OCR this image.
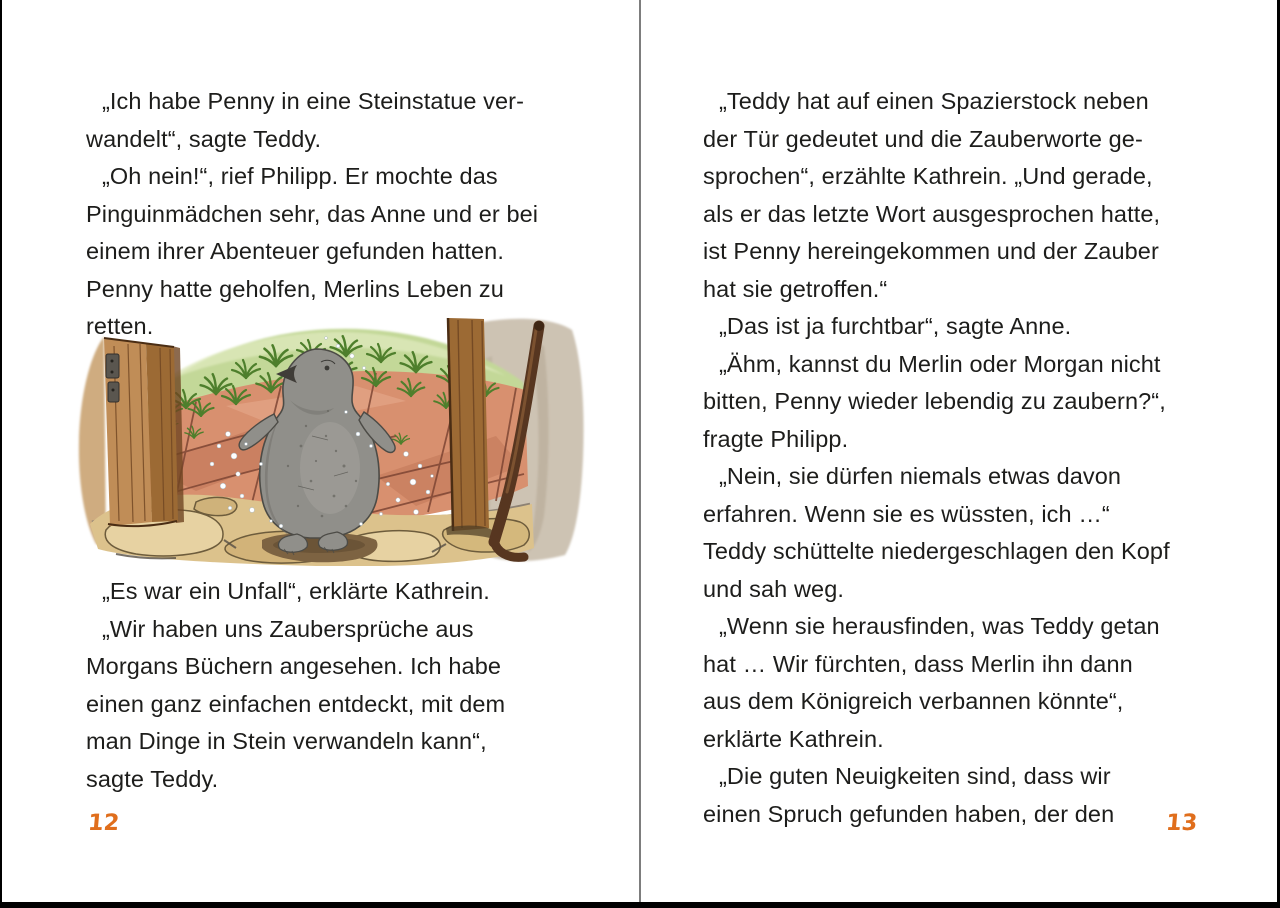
„Ich habe Penny in eine Steinstatue ver-
wandelt“, sagte Teddy.
„Oh nein!“, rief Philipp. Er mochte das
Pinguinmädchen sehr, das Anne und er bei
einem ihrer Abenteuer gefunden hatten.
Penny hatte geholfen, Merlins Leben zu
retten.
„Es war ein Unfall“, erklärte Kathrein.
„Wir haben uns Zaubersprüche aus
Morgans Büchern angesehen. Ich habe
einen ganz einfachen entdeckt, mit dem
man Dinge in Stein verwandeln kann“,
sagte Teddy.
12
„Teddy hat auf einen Spazierstock neben
der Tür gedeutet und die Zauberworte ge-
sprochen“, erzählte Kathrein. „Und gerade,
als er das letzte Wort ausgesprochen hatte,
ist Penny hereingekommen und der Zauber
hat sie getroffen.“
„Das ist ja furchtbar“, sagte Anne.
„Ähm, kannst du Merlin oder Morgan nicht
bitten, Penny wieder lebendig zu zaubern?“,
fragte Philipp.
„Nein, sie dürfen niemals etwas davon
erfahren. Wenn sie es wüssten, ich …“
Teddy schüttelte niedergeschlagen den Kopf
und sah weg.
„Wenn sie herausfinden, was Teddy getan
hat … Wir fürchten, dass Merlin ihn dann
aus dem Königreich verbannen könnte“,
erklärte Kathrein.
„Die guten Neuigkeiten sind, dass wir
einen Spruch gefunden haben, der den	13
